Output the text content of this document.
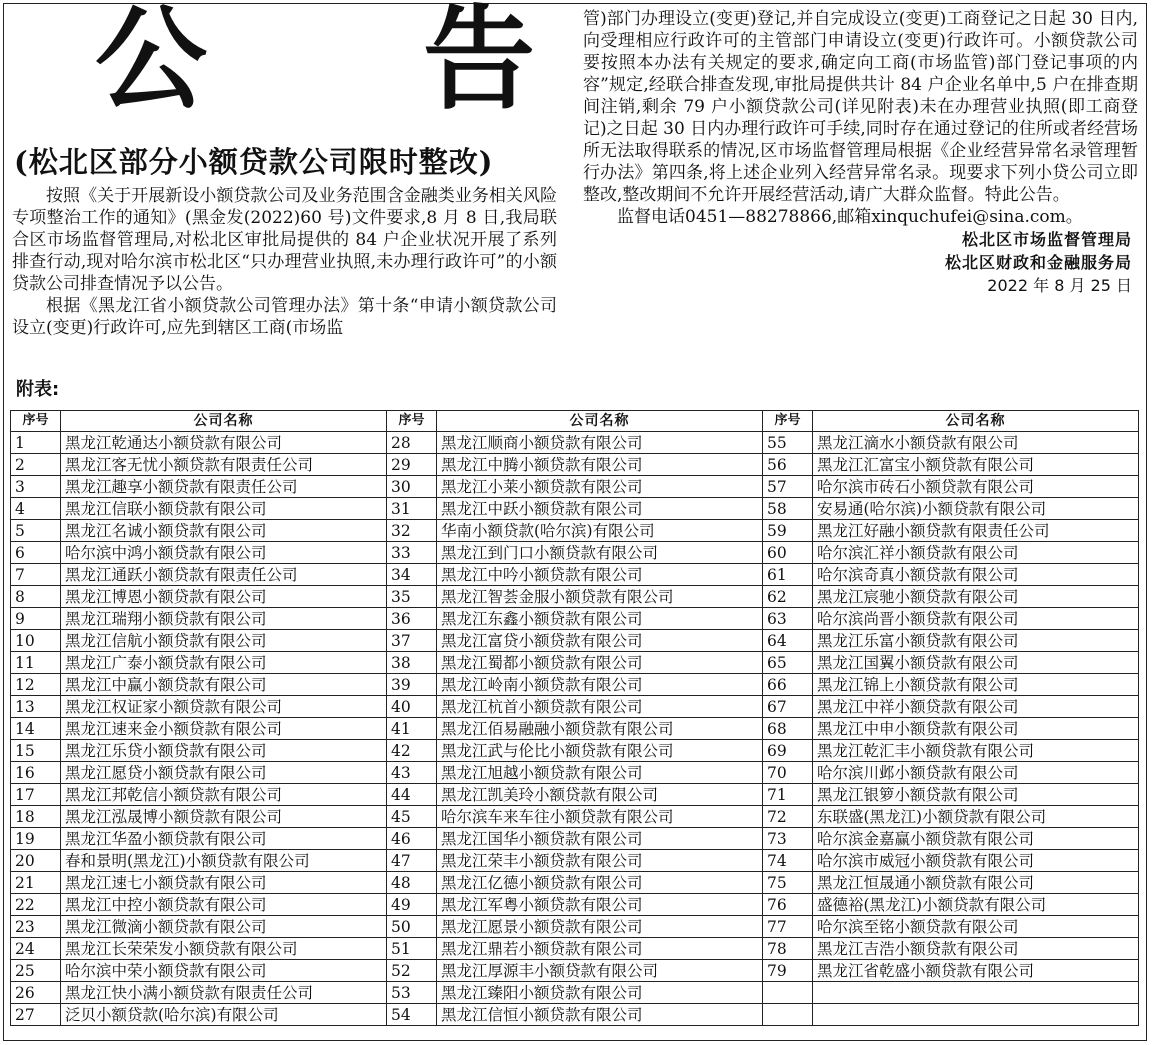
公 告
(松北区部分小额贷款公司限时整改)

按照《关于开展新设小额贷款公司及业务范围含金融类业务相关风险专项整治工作的通知》(黑金发(2022)60 号)文件要求,8 月 8 日,我局联合区市场监督管理局,对松北区审批局提供的 84 户企业状况开展了系列排查行动,现对哈尔滨市松北区“只办理营业执照,未办理行政许可”的小额贷款公司排查情况予以公告。

根据《黑龙江省小额贷款公司管理办法》第十条“申请小额贷款公司设立(变更)行政许可,应先到辖区工商(市场监

管)部门办理设立(变更)登记,并自完成设立(变更)工商登记之日起 30 日内,向受理相应行政许可的主管部门申请设立(变更)行政许可。小额贷款公司要按照本办法有关规定的要求,确定向工商(市场监管)部门登记事项的内容”规定,经联合排查发现,审批局提供共计 84 户企业名单中,5 户在排查期间注销,剩余 79 户小额贷款公司(详见附表)未在办理营业执照(即工商登记)之日起 30 日内办理行政许可手续,同时存在通过登记的住所或者经营场所无法取得联系的情况,区市场监督管理局根据《企业经营异常名录管理暂行办法》第四条,将上述企业列入经营异常名录。现要求下列小贷公司立即整改,整改期间不允许开展经营活动,请广大群众监督。特此公告。

监督电话0451—88278866,邮箱xinquchufei@sina.com。

松北区市场监督管理局

松北区财政和金融服务局

2022 年 8 月 25 日

附表:
序号	公司名称	序号	公司名称	序号	公司名称
1	黑龙江乾通达小额贷款有限公司	28	黑龙江顺商小额贷款有限公司	55	黑龙江滴水小额贷款有限公司
2	黑龙江客无忧小额贷款有限责任公司	29	黑龙江中腾小额贷款有限公司	56	黑龙江汇富宝小额贷款有限公司
3	黑龙江趣享小额贷款有限责任公司	30	黑龙江小莱小额贷款有限公司	57	哈尔滨市砖石小额贷款有限公司
4	黑龙江信联小额贷款有限公司	31	黑龙江中跃小额贷款有限公司	58	安易通(哈尔滨)小额贷款有限公司
5	黑龙江名诚小额贷款有限公司	32	华南小额贷款(哈尔滨)有限公司	59	黑龙江好融小额贷款有限责任公司
6	哈尔滨中鸿小额贷款有限公司	33	黑龙江到门口小额贷款有限公司	60	哈尔滨汇祥小额贷款有限公司
7	黑龙江通跃小额贷款有限责任公司	34	黑龙江中吟小额贷款有限公司	61	哈尔滨奇真小额贷款有限公司
8	黑龙江博恩小额贷款有限公司	35	黑龙江智荟金服小额贷款有限公司	62	黑龙江宸驰小额贷款有限公司
9	黑龙江瑞翔小额贷款有限公司	36	黑龙江东鑫小额贷款有限公司	63	哈尔滨尚晋小额贷款有限公司
10	黑龙江信航小额贷款有限公司	37	黑龙江富贷小额贷款有限公司	64	黑龙江乐富小额贷款有限公司
11	黑龙江广泰小额贷款有限公司	38	黑龙江蜀都小额贷款有限公司	65	黑龙江国翼小额贷款有限公司
12	黑龙江中赢小额贷款有限公司	39	黑龙江岭南小额贷款有限公司	66	黑龙江锦上小额贷款有限公司
13	黑龙江权证家小额贷款有限公司	40	黑龙江杭首小额贷款有限公司	67	黑龙江中祥小额贷款有限公司
14	黑龙江速来金小额贷款有限公司	41	黑龙江佰易融融小额贷款有限公司	68	黑龙江中申小额贷款有限公司
15	黑龙江乐贷小额贷款有限公司	42	黑龙江武与伦比小额贷款有限公司	69	黑龙江乾汇丰小额贷款有限公司
16	黑龙江愿贷小额贷款有限公司	43	黑龙江旭越小额贷款有限公司	70	哈尔滨川邺小额贷款有限公司
17	黑龙江邦乾信小额贷款有限公司	44	黑龙江凯美玲小额贷款有限公司	71	黑龙江银箩小额贷款有限公司
18	黑龙江泓晟博小额贷款有限公司	45	哈尔滨车来车往小额贷款有限公司	72	东联盛(黑龙江)小额贷款有限公司
19	黑龙江华盈小额贷款有限公司	46	黑龙江国华小额贷款有限公司	73	哈尔滨金嘉赢小额贷款有限公司
20	春和景明(黑龙江)小额贷款有限公司	47	黑龙江荣丰小额贷款有限公司	74	哈尔滨市威冠小额贷款有限公司
21	黑龙江速七小额贷款有限公司	48	黑龙江亿德小额贷款有限公司	75	黑龙江恒晟通小额贷款有限公司
22	黑龙江中控小额贷款有限公司	49	黑龙江军粤小额贷款有限公司	76	盛德裕(黑龙江)小额贷款有限公司
23	黑龙江微滴小额贷款有限公司	50	黑龙江愿景小额贷款有限公司	77	哈尔滨至铭小额贷款有限公司
24	黑龙江长荣荣发小额贷款有限公司	51	黑龙江鼎若小额贷款有限公司	78	黑龙江吉浩小额贷款有限公司
25	哈尔滨中荣小额贷款有限公司	52	黑龙江厚源丰小额贷款有限公司	79	黑龙江省乾盛小额贷款有限公司
26	黑龙江快小满小额贷款有限责任公司	53	黑龙江臻阳小额贷款有限公司		
27	泛贝小额贷款(哈尔滨)有限公司	54	黑龙江信恒小额贷款有限公司		
